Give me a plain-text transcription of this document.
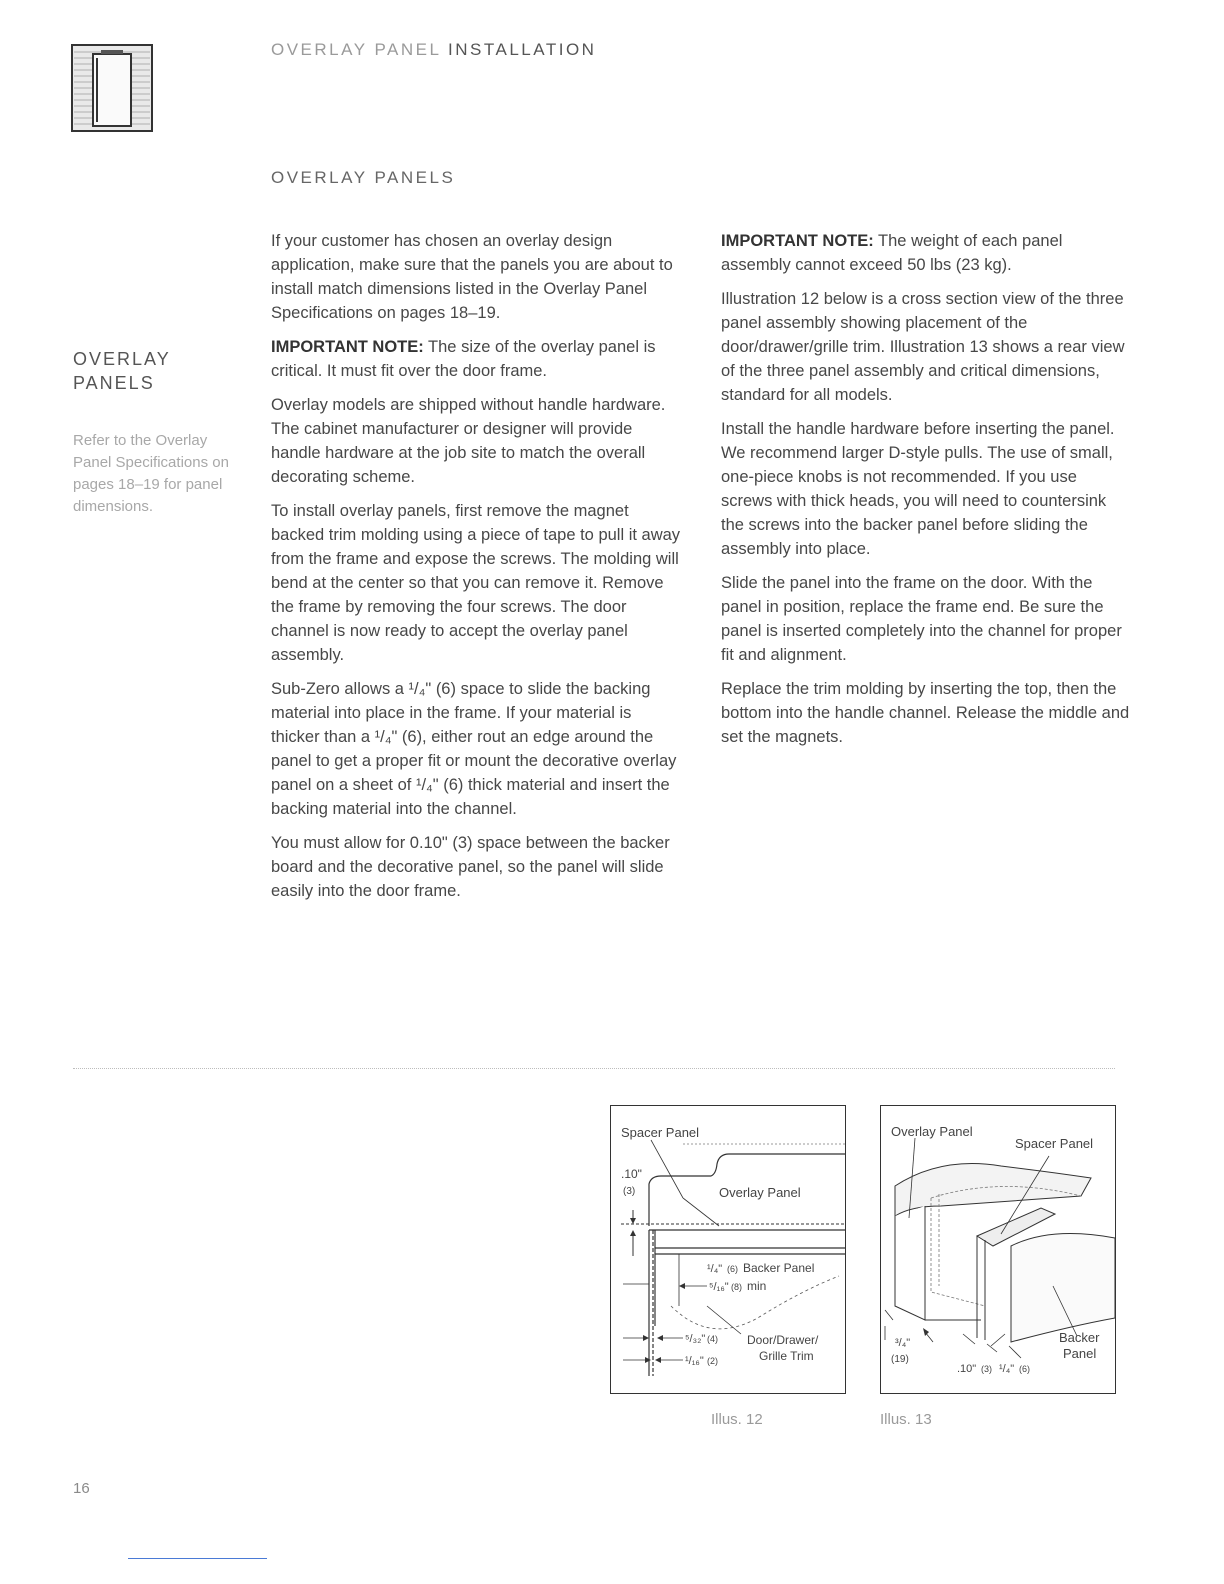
OVERLAY PANEL INSTALLATION
OVERLAY PANELS
OVERLAY
PANELS
Refer to the Overlay Panel Specifications on pages 18–19 for panel dimensions.

If your customer has chosen an overlay design application, make sure that the panels you are about to install match dimensions listed in the Overlay Panel Specifications on pages 18–19.

IMPORTANT NOTE: The size of the overlay panel is critical. It must fit over the door frame.

Overlay models are shipped without handle hardware. The cabinet manufacturer or designer will provide handle hardware at the job site to match the overall decorating scheme.

To install overlay panels, first remove the magnet backed trim molding using a piece of tape to pull it away from the frame and expose the screws. The molding will bend at the center so that you can remove it. Remove the frame by removing the four screws. The door channel is now ready to accept the overlay panel assembly.

Sub-Zero allows a ¹/₄" (6) space to slide the backing material into place in the frame. If your material is thicker than a ¹/₄" (6), either rout an edge around the panel to get a proper fit or mount the decorative overlay panel on a sheet of ¹/₄" (6) thick material and insert the backing material into the channel.

You must allow for 0.10" (3) space between the backer board and the decorative panel, so the panel will slide easily into the door frame.

IMPORTANT NOTE: The weight of each panel assembly cannot exceed 50 lbs (23 kg).

Illustration 12 below is a cross section view of the three panel assembly showing placement of the door/drawer/grille trim. Illustration 13 shows a rear view of the three panel assembly and critical dimensions, standard for all models.

Install the handle hardware before inserting the panel. We recommend larger D-style pulls. The use of small, one-piece knobs is not recommended. If you use screws with thick heads, you will need to countersink the screws into the backer panel before sliding the assembly into place.

Slide the panel into the frame on the door. With the panel in position, replace the frame end. Be sure the panel is inserted completely into the channel for proper fit and alignment.

Replace the trim molding by inserting the top, then the bottom into the handle channel. Release the middle and set the magnets.

Spacer Panel
.10"
(3)	Overlay Panel
¹/₄" (6) Backer Panel
⁵/₁₆" (8) min
⁵/₃₂" (4)
¹/₁₆" (2)
Door/Drawer/
Grille Trim
Overlay Panel
Spacer Panel
Backer
Panel
³/₄"
(19)
.10" (3) ¹/₄" (6)
Illus. 12	Illus. 13
16
